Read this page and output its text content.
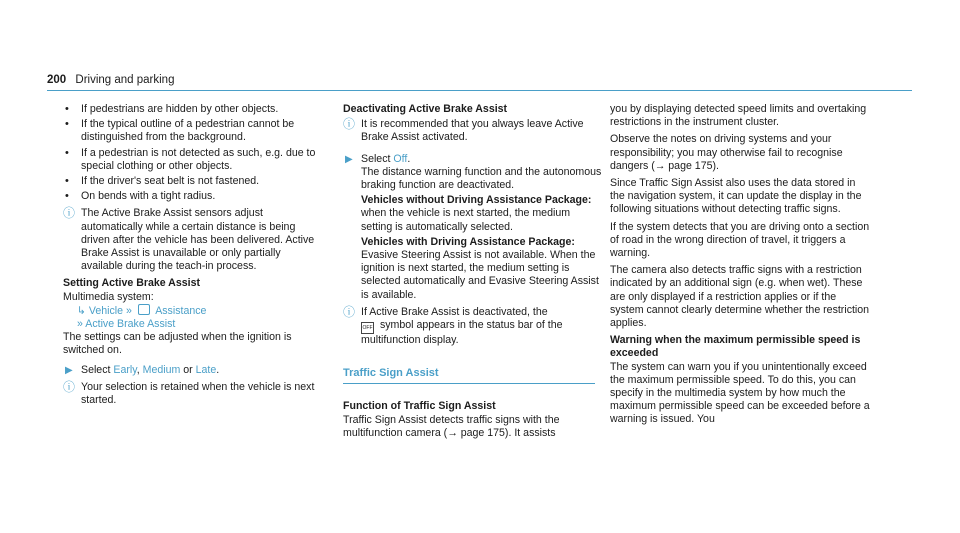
200 Driving and parking

• If pedestrians are hidden by other objects.

• If the typical outline of a pedestrian cannot be distinguished from the background.

• If a pedestrian is not detected as such, e.g. due to special clothing or other objects.

• If the driver's seat belt is not fastened.

• On bends with a tight radius.

ⓘ The Active Brake Assist sensors adjust automatically while a certain distance is being driven after the vehicle has been delivered. Active Brake Assist is unavailable or only partially available during the teach-in process.

Setting Active Brake Assist

Multimedia system:

↳ Vehicle » Assistance

» Active Brake Assist

The settings can be adjusted when the ignition is switched on.

▶ Select Early, Medium or Late.
ⓘ Your selection is retained when the vehicle is next started.

Deactivating Active Brake Assist

ⓘ It is recommended that you always leave Active Brake Assist activated.
▶ Select Off.

The distance warning function and the autonomous braking function are deactivated.

Vehicles without Driving Assistance Package: when the vehicle is next started, the medium setting is automatically selected.

Vehicles with Driving Assistance Package: Evasive Steering Assist is not available. When the ignition is next started, the medium setting is selected automatically and Evasive Steering Assist is available.

ⓘ If Active Brake Assist is deactivated, the
OFF symbol appears in the status bar of the multifunction display.

Traffic Sign Assist

Function of Traffic Sign Assist

Traffic Sign Assist detects traffic signs with the multifunction camera (→ page 175). It assists

you by displaying detected speed limits and overtaking restrictions in the instrument cluster.

Observe the notes on driving systems and your responsibility; you may otherwise fail to recognise dangers (→ page 175).

Since Traffic Sign Assist also uses the data stored in the navigation system, it can update the display in the following situations without detecting traffic signs.

If the system detects that you are driving onto a section of road in the wrong direction of travel, it triggers a warning.

The camera also detects traffic signs with a restriction indicated by an additional sign (e.g. when wet). These are only displayed if a restriction applies or if the system cannot clearly determine whether the restriction applies.

Warning when the maximum permissible speed is exceeded

The system can warn you if you unintentionally exceed the maximum permissible speed. To do this, you can specify in the multimedia system by how much the maximum permissible speed can be exceeded before a warning is issued. You
